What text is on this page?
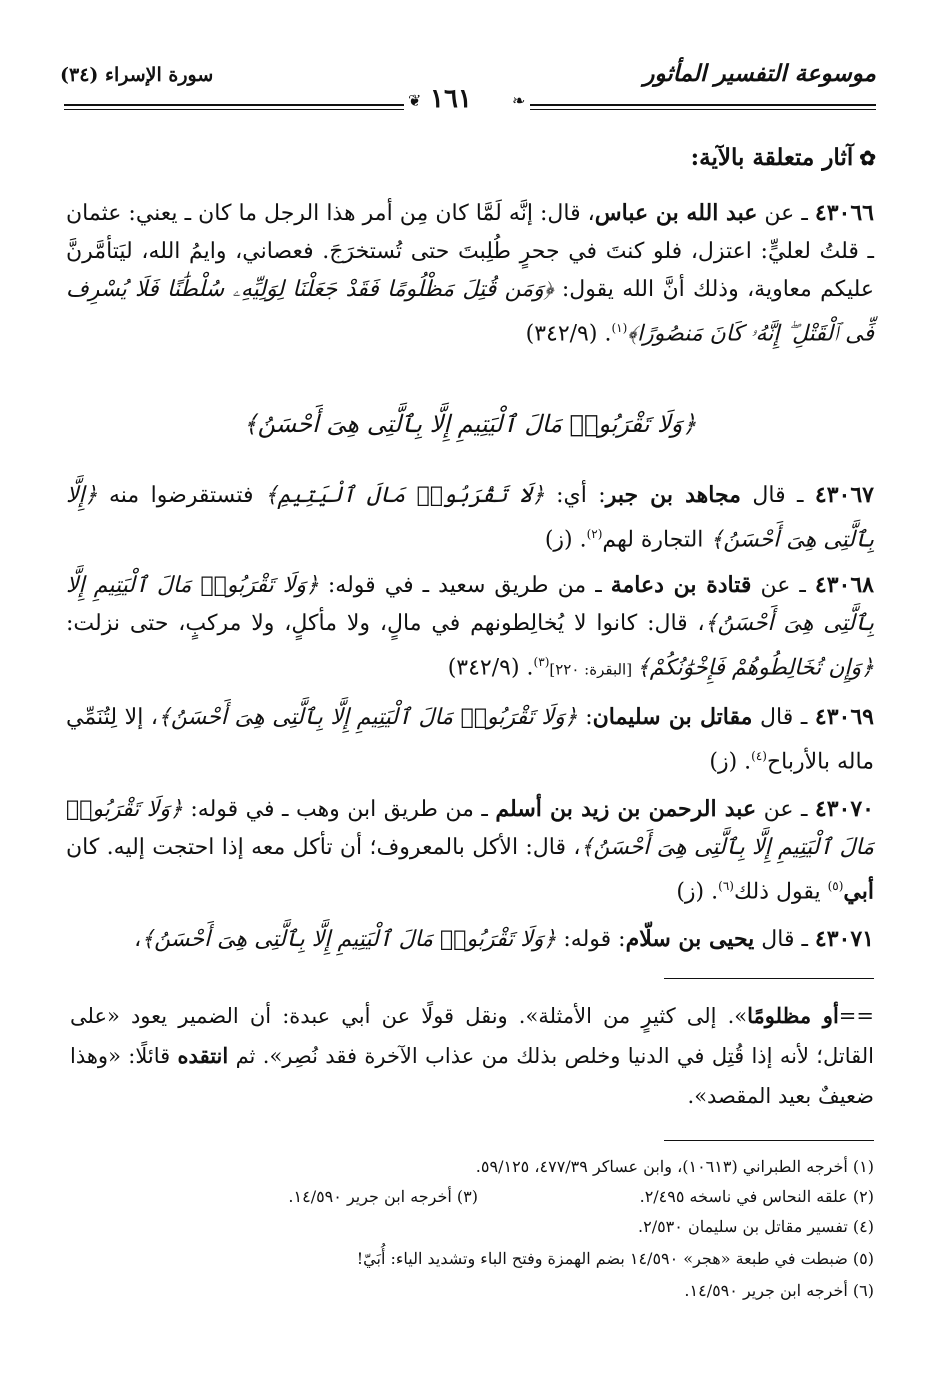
موسوعة التفسير المأثور
سورة الإسراء (٣٤)
❦	❧
١٦١
✿آثار متعلقة بالآية:
٤٣٠٦٦ ـ عن عبد الله بن عباس، قال: إنَّه لَمَّا كان مِن أمر هذا الرجل ما كان ـ يعني: عثمان ـ قلتُ لعليٍّ: اعتزل، فلو كنتَ في جحرٍ طُلِبتَ حتى تُستخرَجَ. فعصاني، وايمُ الله، ليَتأمَّرنَّ عليكم معاوية، وذلك أنَّ الله يقول: ﴿وَمَن قُتِلَ مَظْلُومًا فَقَدْ جَعَلْنَا لِوَلِيِّهِۦ سُلْطَٰنًا فَلَا يُسْرِف فِّى ٱلْقَتْلِ ۖ إِنَّهُۥ كَانَ مَنصُورًا﴾$^{(١)}$. (٣٤٢/٩)
﴿وَلَا تَقْرَبُوا۟ مَالَ ٱلْيَتِيمِ إِلَّا بِٱلَّتِى هِىَ أَحْسَنُ﴾
٤٣٠٦٧ ـ قال مجاهد بن جبر: أي: ﴿لَا تَقْرَبُوا۟ مَالَ ٱلْيَتِيمِ﴾ فتستقرضوا منه ﴿إِلَّا بِٱلَّتِى هِىَ أَحْسَنُ﴾ التجارة لهم$^{(٢)}$. (ز)
٤٣٠٦٨ ـ عن قتادة بن دعامة ـ من طريق سعيد ـ في قوله: ﴿وَلَا تَقْرَبُوا۟ مَالَ ٱلْيَتِيمِ إِلَّا بِٱلَّتِى هِىَ أَحْسَنُ﴾، قال: كانوا لا يُخالِطونهم في مالٍ، ولا مأكلٍ، ولا مركبٍ، حتى نزلت: ﴿وَإِن تُخَالِطُوهُمْ فَإِخْوَٰنُكُمْ﴾ [البقرة: ٢٢٠]$^{(٣)}$. (٣٤٢/٩)
٤٣٠٦٩ ـ قال مقاتل بن سليمان: ﴿وَلَا تَقْرَبُوا۟ مَالَ ٱلْيَتِيمِ إِلَّا بِٱلَّتِى هِىَ أَحْسَنُ﴾، إلا لِتُنَمِّي ماله بالأرباح$^{(٤)}$. (ز)
٤٣٠٧٠ ـ عن عبد الرحمن بن زيد بن أسلم ـ من طريق ابن وهب ـ في قوله: ﴿وَلَا تَقْرَبُوا۟ مَالَ ٱلْيَتِيمِ إِلَّا بِٱلَّتِى هِىَ أَحْسَنُ﴾، قال: الأكل بالمعروف؛ أن تأكل معه إذا احتجت إليه. كان أبي$^{(٥)}$ يقول ذلك$^{(٦)}$. (ز)
٤٣٠٧١ ـ قال يحيى بن سلّام: قوله: ﴿وَلَا تَقْرَبُوا۟ مَالَ ٱلْيَتِيمِ إِلَّا بِٱلَّتِى هِىَ أَحْسَنُ﴾،
==أو مظلومًا». إلى كثيرٍ من الأمثلة». ونقل قولًا عن أبي عبدة: أن الضمير يعود «على القاتل؛ لأنه إذا قُتِل في الدنيا وخلص بذلك من عذاب الآخرة فقد نُصِر». ثم انتقده قائلًا: «وهذا ضعيفٌ بعيد المقصد».
(١) أخرجه الطبراني (١٠٦١٣)، وابن عساكر ٤٧٧/٣٩، ٥٩/١٢٥.
(٢) علقه النحاس في ناسخه ٢/٤٩٥.
(٣) أخرجه ابن جرير ١٤/٥٩٠.
(٤) تفسير مقاتل بن سليمان ٢/٥٣٠.
(٥) ضبطت في طبعة «هجر» ١٤/٥٩٠ بضم الهمزة وفتح الباء وتشديد الياء: أُبَيّ!
(٦) أخرجه ابن جرير ١٤/٥٩٠.
